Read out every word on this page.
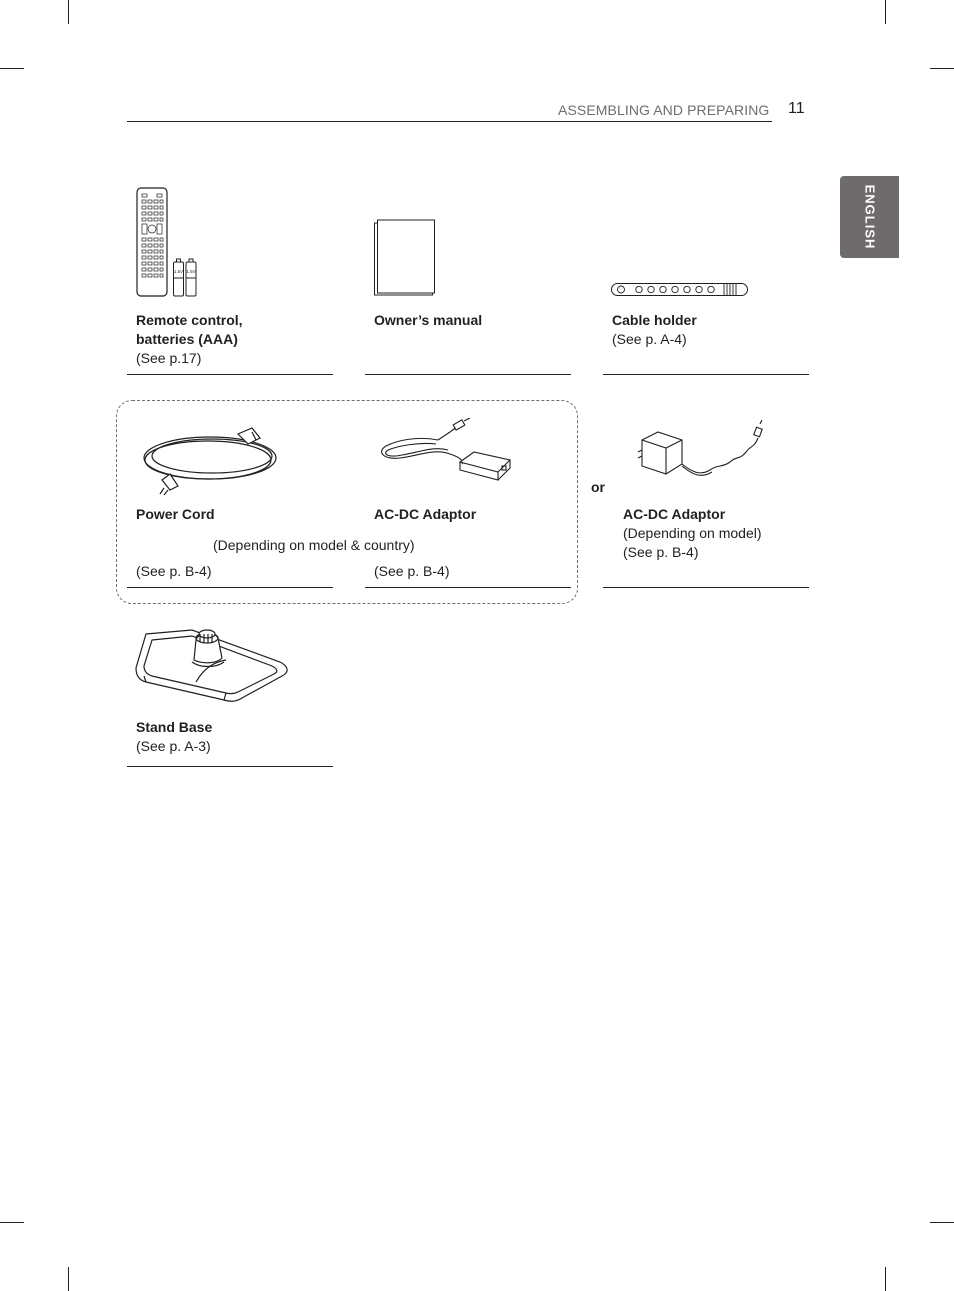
ASSEMBLING AND PREPARING 11
ENGLISH
1.5V 1.5V
Remote control,
batteries (AAA)
(See p.17)
Owner’s manual	Cable holder
(See p. A-4)
Power Cord
(See p. B-4)
AC-DC Adaptor
(Depending on model & country)
(See p. B-4)
or
AC-DC Adaptor
(Depending on model)
(See p. B-4)
Stand Base
(See p. A-3)
